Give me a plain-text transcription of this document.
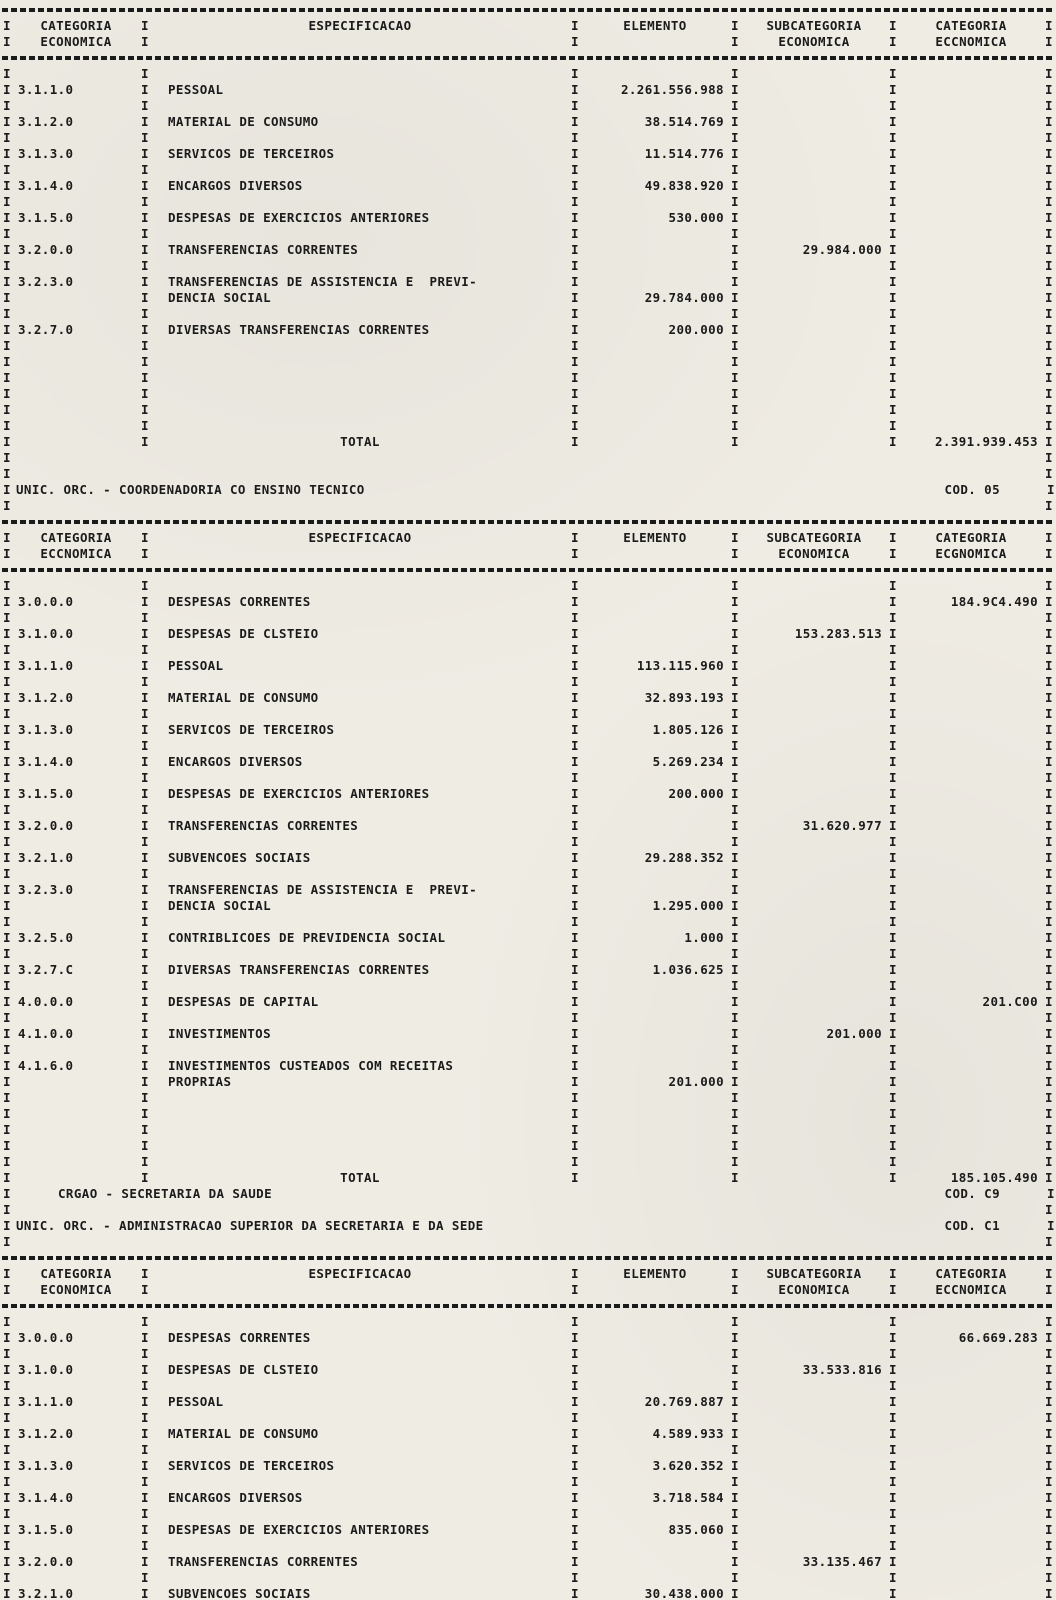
I	CATEGORIA	I	ESPECIFICACAO	I	ELEMENTO	I	SUBCATEGORIA	I	CATEGORIA	I
I	ECONOMICA	I	I	I	ECONOMICA	I	ECCNOMICA	I
I	I	I	I	I	I
I 3.1.1.0	I	PESSOAL	I	2.261.556.988 I	I	I
I	I	I	I	I	I
I 3.1.2.0	I	MATERIAL DE CONSUMO	I	38.514.769 I	I	I
I	I	I	I	I	I
I 3.1.3.0	I	SERVICOS DE TERCEIROS	I	11.514.776 I	I	I
I	I	I	I	I	I
I 3.1.4.0	I	ENCARGOS DIVERSOS	I	49.838.920 I	I	I
I	I	I	I	I	I
I 3.1.5.0	I	DESPESAS DE EXERCICIOS ANTERIORES	I	530.000 I	I	I
I	I	I	I	I	I
I 3.2.0.0	I	TRANSFERENCIAS CORRENTES	I	I	29.984.000 I	I
I	I	I	I	I	I
I 3.2.3.0	I	TRANSFERENCIAS DE ASSISTENCIA E  PREVI-	I	I	I	I
I	I	DENCIA SOCIAL	I	29.784.000 I	I	I
I	I	I	I	I	I
I 3.2.7.0	I	DIVERSAS TRANSFERENCIAS CORRENTES	I	200.000 I	I	I
I	I	I	I	I	I
I	I	I	I	I	I
I	I	I	I	I	I
I	I	I	I	I	I
I	I	I	I	I	I
I	I	I	I	I	I
I	I	TOTAL	I	I	I	2.391.939.453 I
I	I
I	I
I UNIC. ORC. - COORDENADORIA CO ENSINO TECNICO	COD. 05	I
I	I
I	CATEGORIA	I	ESPECIFICACAO	I	ELEMENTO	I	SUBCATEGORIA	I	CATEGORIA	I
I	ECCNOMICA	I	I	I	ECONOMICA	I	ECGNOMICA	I
I	I	I	I	I	I
I 3.0.0.0	I	DESPESAS CORRENTES	I	I	I	184.9C4.490 I
I	I	I	I	I	I
I 3.1.0.0	I	DESPESAS DE CLSTEIO	I	I	153.283.513 I	I
I	I	I	I	I	I
I 3.1.1.0	I	PESSOAL	I	113.115.960 I	I	I
I	I	I	I	I	I
I 3.1.2.0	I	MATERIAL DE CONSUMO	I	32.893.193 I	I	I
I	I	I	I	I	I
I 3.1.3.0	I	SERVICOS DE TERCEIROS	I	1.805.126 I	I	I
I	I	I	I	I	I
I 3.1.4.0	I	ENCARGOS DIVERSOS	I	5.269.234 I	I	I
I	I	I	I	I	I
I 3.1.5.0	I	DESPESAS DE EXERCICIOS ANTERIORES	I	200.000 I	I	I
I	I	I	I	I	I
I 3.2.0.0	I	TRANSFERENCIAS CORRENTES	I	I	31.620.977 I	I
I	I	I	I	I	I
I 3.2.1.0	I	SUBVENCOES SOCIAIS	I	29.288.352 I	I	I
I	I	I	I	I	I
I 3.2.3.0	I	TRANSFERENCIAS DE ASSISTENCIA E  PREVI-	I	I	I	I
I	I	DENCIA SOCIAL	I	1.295.000 I	I	I
I	I	I	I	I	I
I 3.2.5.0	I	CONTRIBLICOES DE PREVIDENCIA SOCIAL	I	1.000 I	I	I
I	I	I	I	I	I
I 3.2.7.C	I	DIVERSAS TRANSFERENCIAS CORRENTES	I	1.036.625 I	I	I
I	I	I	I	I	I
I 4.0.0.0	I	DESPESAS DE CAPITAL	I	I	I	201.C00 I
I	I	I	I	I	I
I 4.1.0.0	I	INVESTIMENTOS	I	I	201.000 I	I
I	I	I	I	I	I
I 4.1.6.0	I	INVESTIMENTOS CUSTEADOS COM RECEITAS	I	I	I	I
I	I	PROPRIAS	I	201.000 I	I	I
I	I	I	I	I	I
I	I	I	I	I	I
I	I	I	I	I	I
I	I	I	I	I	I
I	I	I	I	I	I
I	I	TOTAL	I	I	I	185.105.490 I
I	CRGAO - SECRETARIA DA SAUDE	COD. C9	I
I	I
I UNIC. ORC. - ADMINISTRACAO SUPERIOR DA SECRETARIA E DA SEDE	COD. C1	I
I	I
I	CATEGORIA	I	ESPECIFICACAO	I	ELEMENTO	I	SUBCATEGORIA	I	CATEGORIA	I
I	ECONOMICA	I	I	I	ECONOMICA	I	ECCNOMICA	I
I	I	I	I	I	I
I 3.0.0.0	I	DESPESAS CORRENTES	I	I	I	66.669.283 I
I	I	I	I	I	I
I 3.1.0.0	I	DESPESAS DE CLSTEIO	I	I	33.533.816 I	I
I	I	I	I	I	I
I 3.1.1.0	I	PESSOAL	I	20.769.887 I	I	I
I	I	I	I	I	I
I 3.1.2.0	I	MATERIAL DE CONSUMO	I	4.589.933 I	I	I
I	I	I	I	I	I
I 3.1.3.0	I	SERVICOS DE TERCEIROS	I	3.620.352 I	I	I
I	I	I	I	I	I
I 3.1.4.0	I	ENCARGOS DIVERSOS	I	3.718.584 I	I	I
I	I	I	I	I	I
I 3.1.5.0	I	DESPESAS DE EXERCICIOS ANTERIORES	I	835.060 I	I	I
I	I	I	I	I	I
I 3.2.0.0	I	TRANSFERENCIAS CORRENTES	I	I	33.135.467 I	I
I	I	I	I	I	I
I 3.2.1.0	I	SUBVENCOES SOCIAIS	I	30.438.000 I	I	I
